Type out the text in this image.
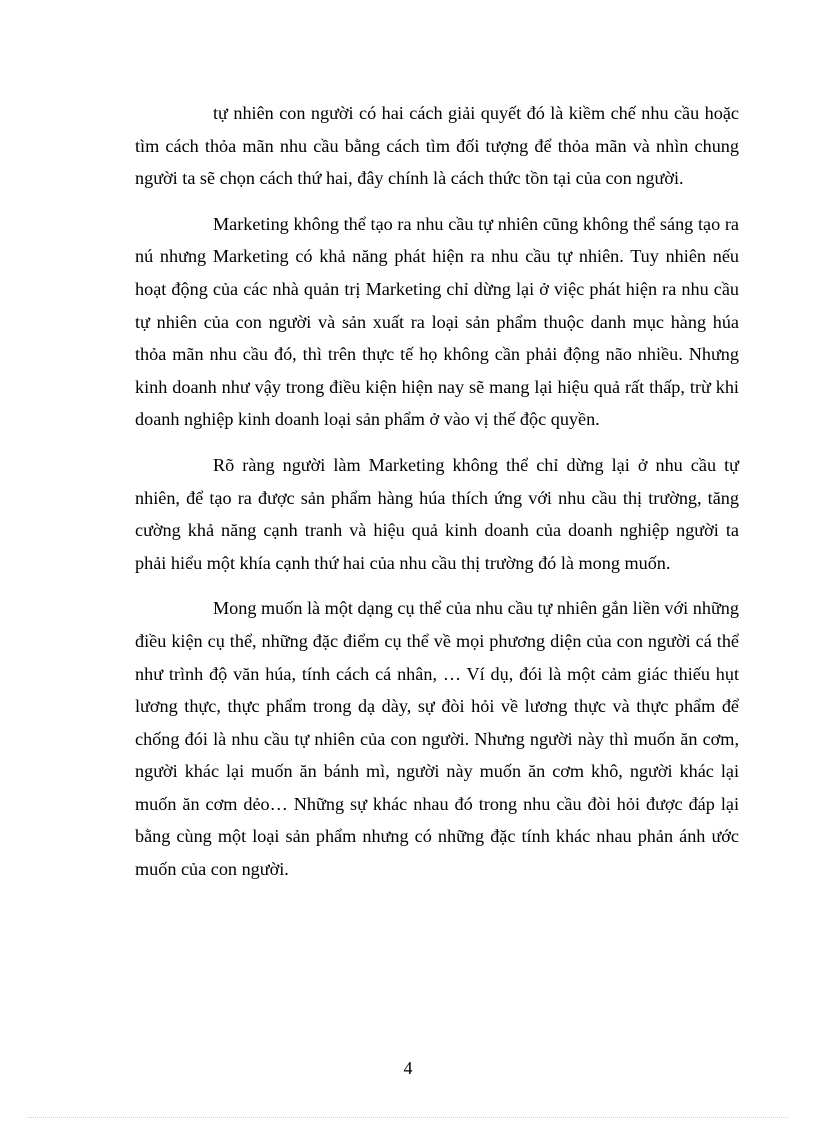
tự nhiên con người có hai cách giải quyết đó là kiềm chế nhu cầu hoặc tìm cách thỏa mãn nhu cầu bằng cách tìm đối tượng để thỏa mãn và nhìn chung người ta sẽ chọn cách thứ hai, đây chính là cách thức tồn tại của con người.

Marketing không thể tạo ra nhu cầu tự nhiên cũng không thể sáng tạo ra nú nhưng Marketing có khả năng phát hiện ra nhu cầu tự nhiên. Tuy nhiên nếu hoạt động của các nhà quản trị Marketing chỉ dừng lại ở việc phát hiện ra nhu cầu tự nhiên của con người và sản xuất ra loại sản phẩm thuộc danh mục hàng húa thỏa mãn nhu cầu đó, thì trên thực tế họ không cần phải động não nhiều. Nhưng kinh doanh như vậy trong điều kiện hiện nay sẽ mang lại hiệu quả rất thấp, trừ khi doanh nghiệp kinh doanh loại sản phẩm ở vào vị thế độc quyền.

Rõ ràng người làm Marketing không thể chỉ dừng lại ở nhu cầu tự nhiên, để tạo ra được sản phẩm hàng húa thích ứng với nhu cầu thị trường, tăng cường khả năng cạnh tranh và hiệu quả kinh doanh của doanh nghiệp người ta phải hiểu một khía cạnh thứ hai của nhu cầu thị trường đó là mong muốn.

Mong muốn là một dạng cụ thể của nhu cầu tự nhiên gắn liền với những điều kiện cụ thể, những đặc điểm cụ thể về mọi phương diện của con người cá thể như trình độ văn húa, tính cách cá nhân, … Ví dụ, đói là một cảm giác thiếu hụt lương thực, thực phẩm trong dạ dày, sự đòi hỏi về lương thực và thực phẩm để chống đói là nhu cầu tự nhiên của con người. Nhưng người này thì muốn ăn cơm, người khác lại muốn ăn bánh mì, người này muốn ăn cơm khô, người khác lại muốn ăn cơm dẻo… Những sự khác nhau đó trong nhu cầu đòi hỏi được đáp lại bằng cùng một loại sản phẩm nhưng có những đặc tính khác nhau phản ánh ước muốn của con người.

4
